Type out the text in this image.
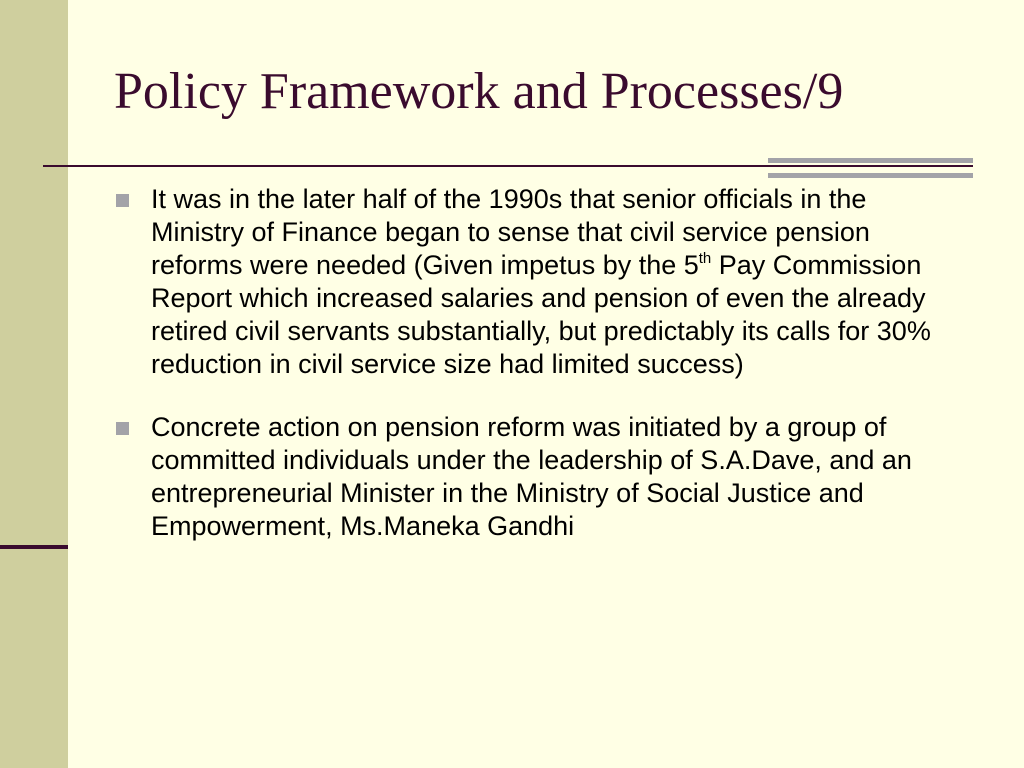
Policy Framework and Processes/9
It was in the later half of the 1990s that senior officials in the Ministry of Finance began to sense that civil service pension reforms were needed (Given impetus by the 5th Pay Commission Report which increased salaries and pension of even the already retired civil servants substantially, but predictably its calls for 30% reduction in civil service size had limited success)
Concrete action on pension reform was initiated by a group of committed individuals under the leadership of S.A.Dave, and an entrepreneurial Minister in the Ministry of Social Justice and Empowerment, Ms.Maneka Gandhi
